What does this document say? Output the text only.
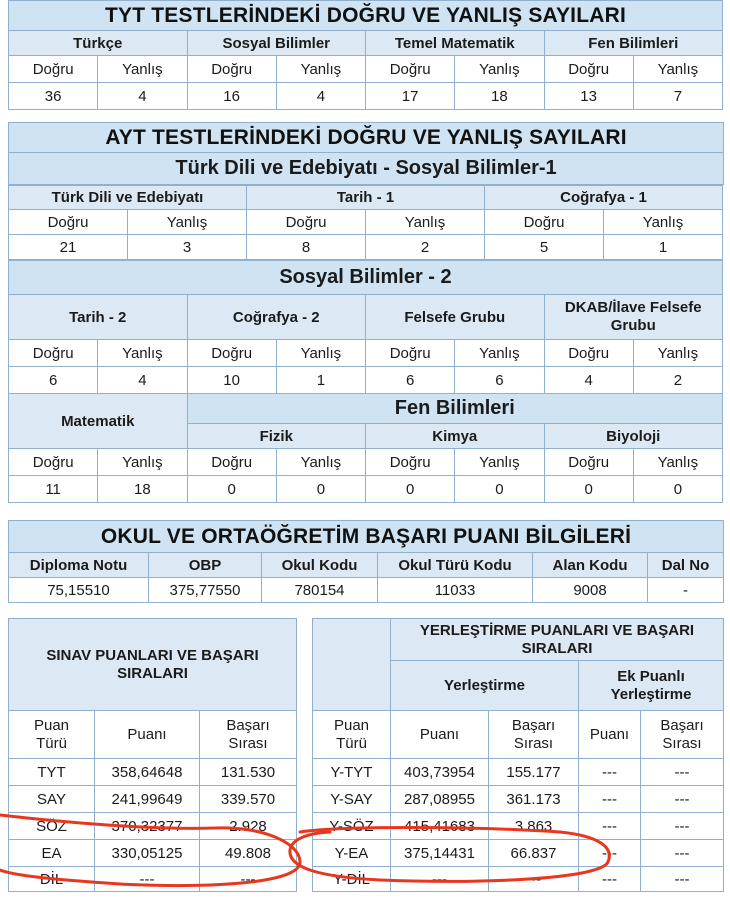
TYT TESTLERİNDEKİ DOĞRU VE YANLIŞ SAYILARI							
Türkçe		Sosyal Bilimler		Temel Matematik		Fen Bilimleri	
Doğru	Yanlış	Doğru	Yanlış	Doğru	Yanlış	Doğru	Yanlış
36	4	16	4	17	18	13	7
AYT TESTLERİNDEKİ DOĞRU VE YANLIŞ SAYILARI
Türk Dili ve Edebiyatı - Sosyal Bilimler-1
Türk Dili ve Edebiyatı		Tarih - 1		Coğrafya - 1	
Doğru	Yanlış	Doğru	Yanlış	Doğru	Yanlış
21	3	8	2	5	1
Sosyal Bilimler - 2							
Tarih - 2		Coğrafya - 2		Felsefe Grubu		DKAB/İlave Felsefe Grubu	
Doğru	Yanlış	Doğru	Yanlış	Doğru	Yanlış	Doğru	Yanlış
6	4	10	1	6	6	4	2
Matematik		Fen Bilimleri					
		Fizik		Kimya		Biyoloji	
Doğru	Yanlış	Doğru	Yanlış	Doğru	Yanlış	Doğru	Yanlış
11	18	0	0	0	0	0	0
OKUL VE ORTAÖĞRETİM BAŞARI PUANI BİLGİLERİ					
Diploma Notu	OBP	Okul Kodu	Okul Türü Kodu	Alan Kodu	Dal No
75,15510	375,77550	780154	11033	9008	-
SINAV PUANLARI VE BAŞARI SIRALARI		
Puan Türü	Puanı	Başarı Sırası
TYT	358,64648	131.530
SAY	241,99649	339.570
SÖZ	370,32377	2.928
EA	330,05125	49.808
DİL	---	---
	YERLEŞTİRME PUANLARI VE BAŞARI SIRALARI			
	Yerleştirme		Ek Puanlı Yerleştirme	
Puan Türü	Puanı	Başarı Sırası	Puanı	Başarı Sırası
Y-TYT	403,73954	155.177	---	---
Y-SAY	287,08955	361.173	---	---
Y-SÖZ	415,41683	3.863	---	---
Y-EA	375,14431	66.837	---	---
Y-DİL	---	---	---	---
